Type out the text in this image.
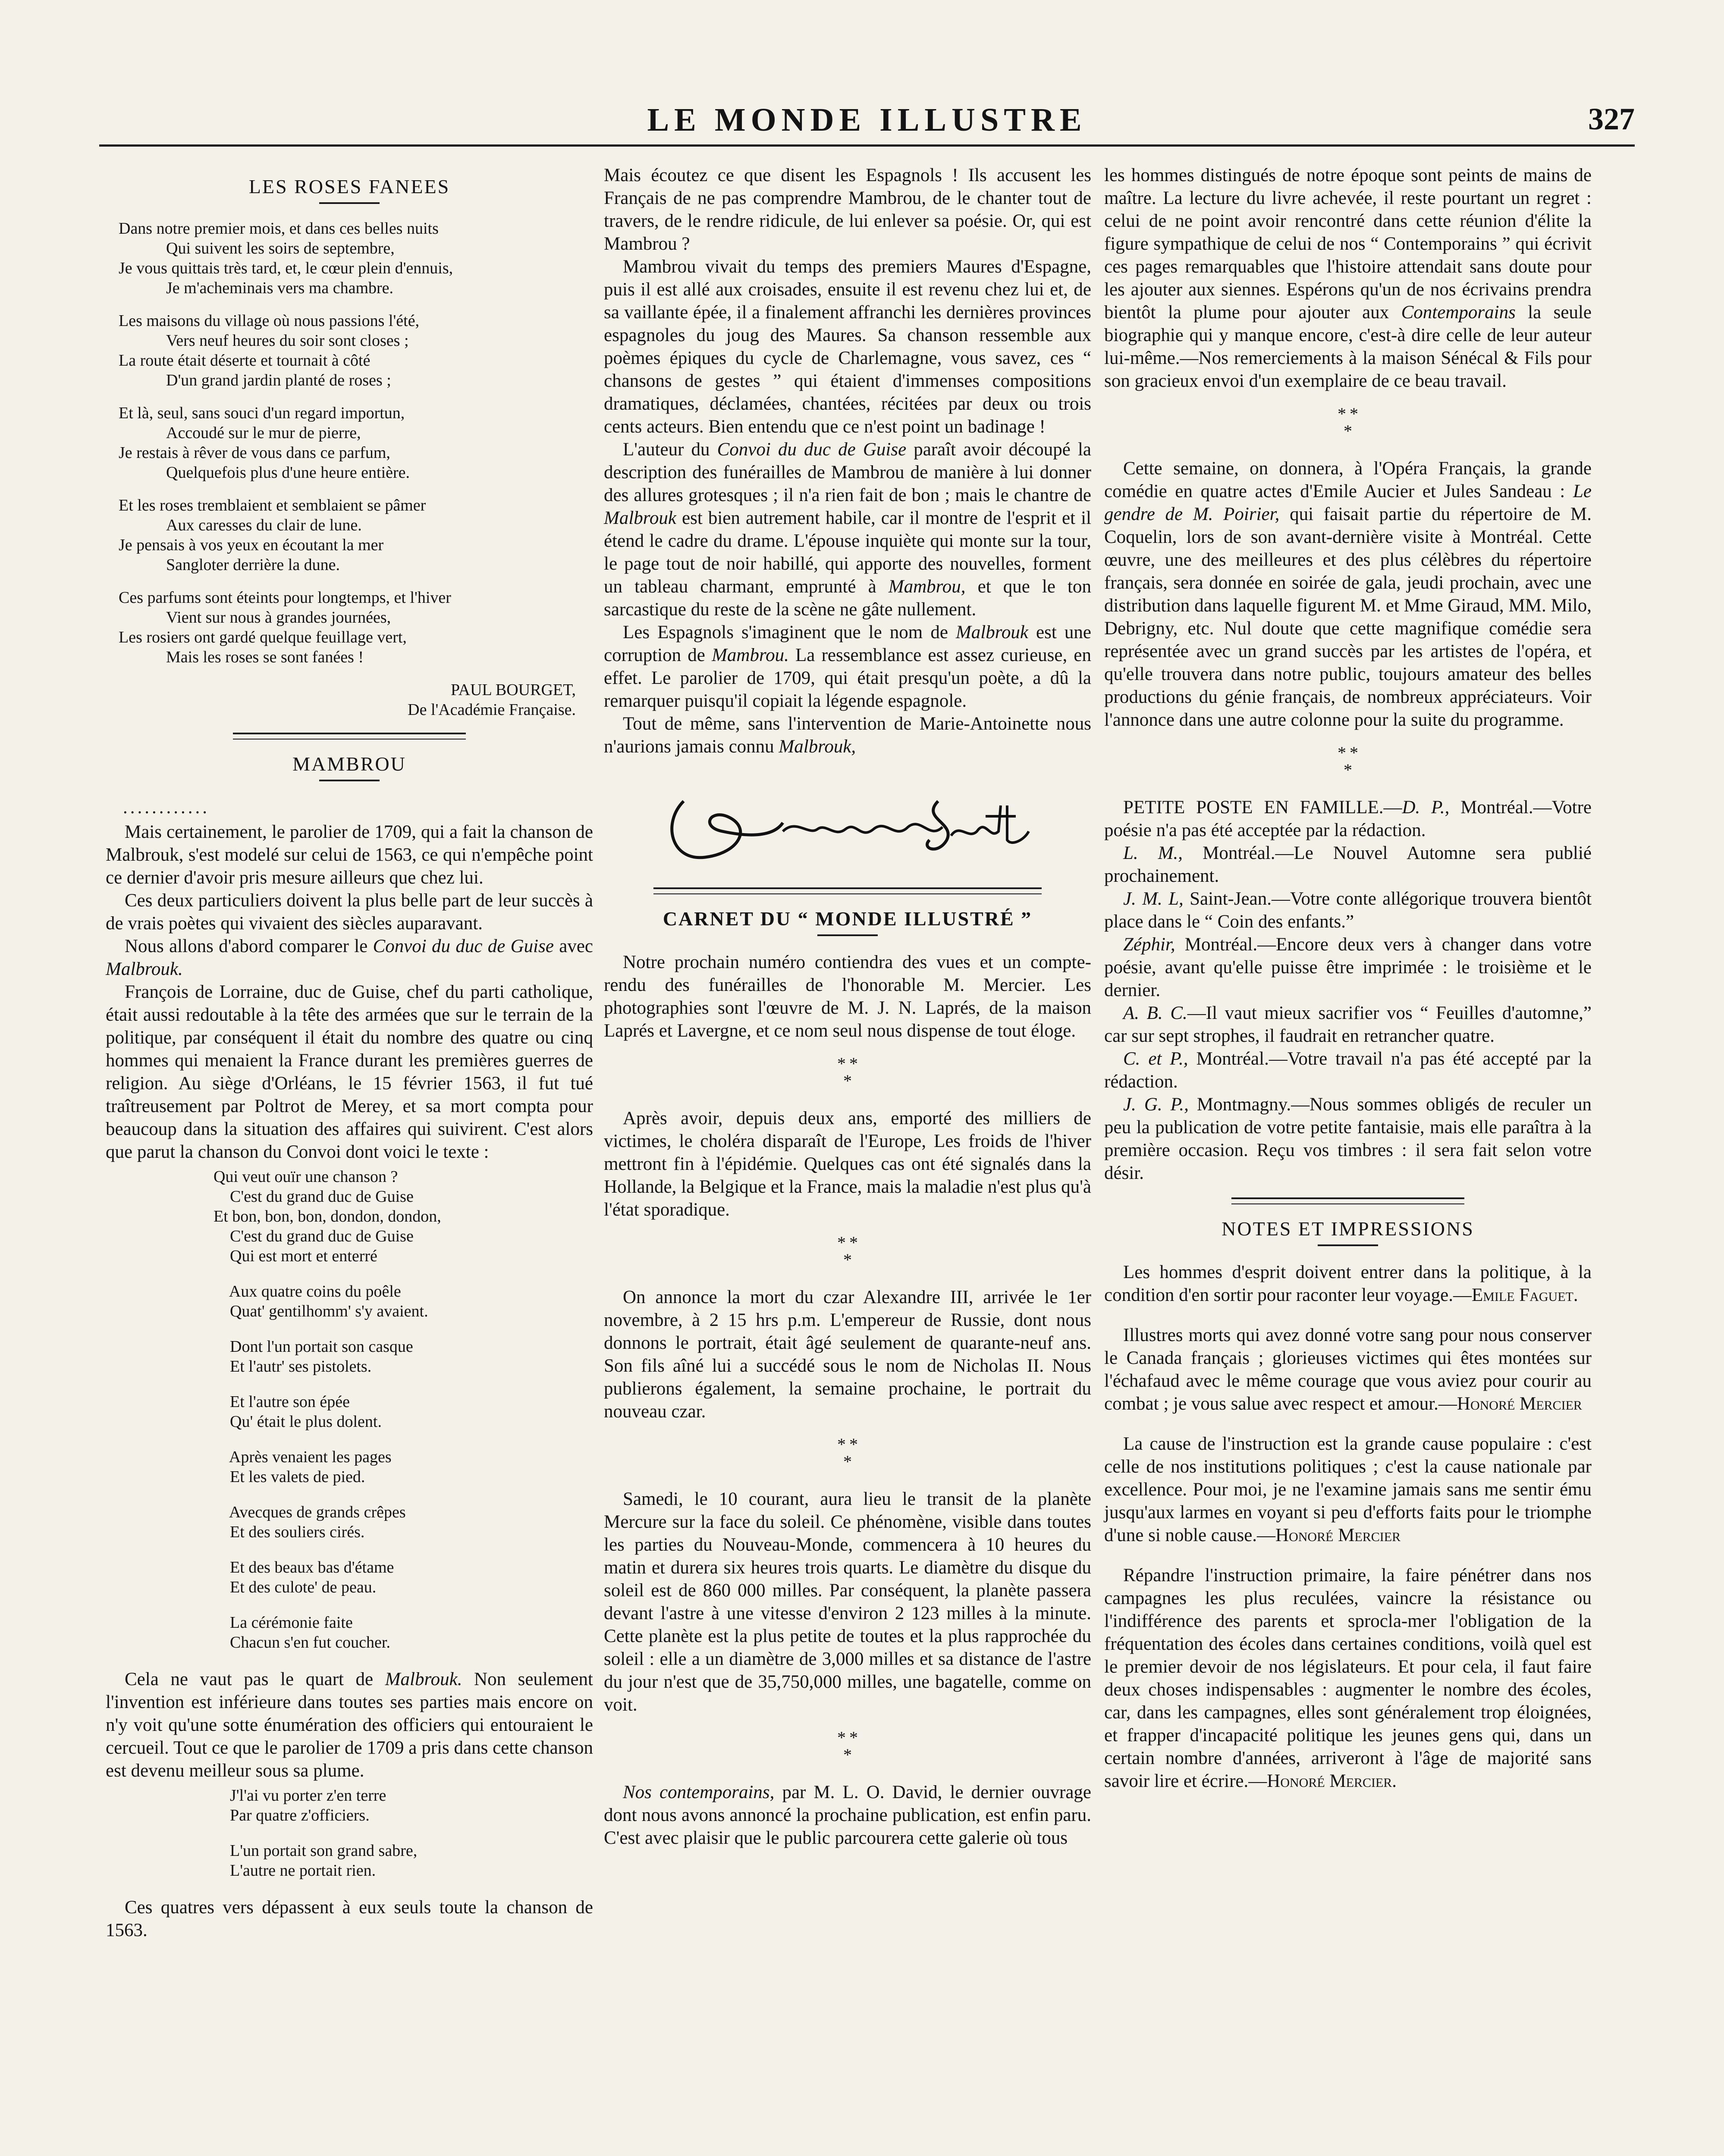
LE MONDE ILLUSTRE	327
LES ROSES FANEES
Dans notre premier mois, et dans ces belles nuits
Qui suivent les soirs de septembre,
Je vous quittais très tard, et, le cœur plein d'ennuis,
Je m'acheminais vers ma chambre.
Les maisons du village où nous passions l'été,
Vers neuf heures du soir sont closes ;
La route était déserte et tournait à côté
D'un grand jardin planté de roses ;
Et là, seul, sans souci d'un regard importun,
Accoudé sur le mur de pierre,
Je restais à rêver de vous dans ce parfum,
Quelquefois plus d'une heure entière.
Et les roses tremblaient et semblaient se pâmer
Aux caresses du clair de lune.
Je pensais à vos yeux en écoutant la mer
Sangloter derrière la dune.
Ces parfums sont éteints pour longtemps, et l'hiver
Vient sur nous à grandes journées,
Les rosiers ont gardé quelque feuillage vert,
Mais les roses se sont fanées !
PAUL BOURGET,
De l'Académie Française.
MAMBROU
............

Mais certainement, le parolier de 1709, qui a fait la chanson de Malbrouk, s'est modelé sur celui de 1563, ce qui n'empêche point ce dernier d'avoir pris mesure ailleurs que chez lui.

Ces deux particuliers doivent la plus belle part de leur succès à de vrais poètes qui vivaient des siècles auparavant.

Nous allons d'abord comparer le Convoi du duc de Guise avec Malbrouk.

François de Lorraine, duc de Guise, chef du parti catholique, était aussi redoutable à la tête des armées que sur le terrain de la politique, par conséquent il était du nombre des quatre ou cinq hommes qui menaient la France durant les premières guerres de religion. Au siège d'Orléans, le 15 février 1563, il fut tué traîtreusement par Poltrot de Merey, et sa mort compta pour beaucoup dans la situation des affaires qui suivirent. C'est alors que parut la chanson du Convoi dont voici le texte :

Qui veut ouïr une chanson ?
C'est du grand duc de Guise
Et bon, bon, bon, dondon, dondon,
C'est du grand duc de Guise
Qui est mort et enterré
Aux quatre coins du poêle
Quat' gentilhomm' s'y avaient.
Dont l'un portait son casque
Et l'autr' ses pistolets.
Et l'autre son épée
Qu' était le plus dolent.
Après venaient les pages
Et les valets de pied.
Avecques de grands crêpes
Et des souliers cirés.
Et des beaux bas d'étame
Et des culote' de peau.
La cérémonie faite
Chacun s'en fut coucher.

Cela ne vaut pas le quart de Malbrouk. Non seulement l'invention est inférieure dans toutes ses parties mais encore on n'y voit qu'une sotte énumération des officiers qui entouraient le cercueil. Tout ce que le parolier de 1709 a pris dans cette chanson est devenu meilleur sous sa plume.

J'l'ai vu porter z'en terre
Par quatre z'officiers.
L'un portait son grand sabre,
L'autre ne portait rien.

Ces quatres vers dépassent à eux seuls toute la chanson de 1563.

Mais écoutez ce que disent les Espagnols ! Ils accusent les Français de ne pas comprendre Mambrou, de le chanter tout de travers, de le rendre ridicule, de lui enlever sa poésie. Or, qui est Mambrou ?

Mambrou vivait du temps des premiers Maures d'Espagne, puis il est allé aux croisades, ensuite il est revenu chez lui et, de sa vaillante épée, il a finalement affranchi les dernières provinces espagnoles du joug des Maures. Sa chanson ressemble aux poèmes épiques du cycle de Charlemagne, vous savez, ces “ chansons de gestes ” qui étaient d'immenses compositions dramatiques, déclamées, chantées, récitées par deux ou trois cents acteurs. Bien entendu que ce n'est point un badinage !

L'auteur du Convoi du duc de Guise paraît avoir découpé la description des funérailles de Mambrou de manière à lui donner des allures grotesques ; il n'a rien fait de bon ; mais le chantre de Malbrouk est bien autrement habile, car il montre de l'esprit et il étend le cadre du drame. L'épouse inquiète qui monte sur la tour, le page tout de noir habillé, qui apporte des nouvelles, forment un tableau charmant, emprunté à Mambrou, et que le ton sarcastique du reste de la scène ne gâte nullement.

Les Espagnols s'imaginent que le nom de Malbrouk est une corruption de Mambrou. La ressemblance est assez curieuse, en effet. Le parolier de 1709, qui était presqu'un poète, a dû la remarquer puisqu'il copiait la légende espagnole.

Tout de même, sans l'intervention de Marie-Antoinette nous n'aurions jamais connu Malbrouk,

CARNET DU “ MONDE ILLUSTRÉ ”

Notre prochain numéro contiendra des vues et un compte-rendu des funérailles de l'honorable M. Mercier. Les photographies sont l'œuvre de M. J. N. Laprés, de la maison Laprés et Lavergne, et ce nom seul nous dispense de tout éloge.

* *
*

Après avoir, depuis deux ans, emporté des milliers de victimes, le choléra disparaît de l'Europe, Les froids de l'hiver mettront fin à l'épidémie. Quelques cas ont été signalés dans la Hollande, la Belgique et la France, mais la maladie n'est plus qu'à l'état sporadique.

* *
*

On annonce la mort du czar Alexandre III, arrivée le 1er novembre, à 2 15 hrs p.m. L'empereur de Russie, dont nous donnons le portrait, était âgé seulement de quarante-neuf ans. Son fils aîné lui a succédé sous le nom de Nicholas II. Nous publierons également, la semaine prochaine, le portrait du nouveau czar.

* *
*

Samedi, le 10 courant, aura lieu le transit de la planète Mercure sur la face du soleil. Ce phénomène, visible dans toutes les parties du Nouveau-Monde, commencera à 10 heures du matin et durera six heures trois quarts. Le diamètre du disque du soleil est de 860 000 milles. Par conséquent, la planète passera devant l'astre à une vitesse d'environ 2 123 milles à la minute. Cette planète est la plus petite de toutes et la plus rapprochée du soleil : elle a un diamètre de 3,000 milles et sa distance de l'astre du jour n'est que de 35,750,000 milles, une bagatelle, comme on voit.

* *
*

Nos contemporains, par M. L. O. David, le dernier ouvrage dont nous avons annoncé la prochaine publication, est enfin paru. C'est avec plaisir que le public parcourera cette galerie où tous

les hommes distingués de notre époque sont peints de mains de maître. La lecture du livre achevée, il reste pourtant un regret : celui de ne point avoir rencontré dans cette réunion d'élite la figure sympathique de celui de nos “ Contemporains ” qui écrivit ces pages remarquables que l'histoire attendait sans doute pour les ajouter aux siennes. Espérons qu'un de nos écrivains prendra bientôt la plume pour ajouter aux Contemporains la seule biographie qui y manque encore, c'est-à dire celle de leur auteur lui-même.—Nos remerciements à la maison Sénécal & Fils pour son gracieux envoi d'un exemplaire de ce beau travail.

* *
*

Cette semaine, on donnera, à l'Opéra Français, la grande comédie en quatre actes d'Emile Aucier et Jules Sandeau : Le gendre de M. Poirier, qui faisait partie du répertoire de M. Coquelin, lors de son avant-dernière visite à Montréal. Cette œuvre, une des meilleures et des plus célèbres du répertoire français, sera donnée en soirée de gala, jeudi prochain, avec une distribution dans laquelle figurent M. et Mme Giraud, MM. Milo, Debrigny, etc. Nul doute que cette magnifique comédie sera représentée avec un grand succès par les artistes de l'opéra, et qu'elle trouvera dans notre public, toujours amateur des belles productions du génie français, de nombreux appréciateurs. Voir l'annonce dans une autre colonne pour la suite du programme.

* *
*

PETITE POSTE EN FAMILLE.—D. P., Montréal.—Votre poésie n'a pas été acceptée par la rédaction.

L. M., Montréal.—Le Nouvel Automne sera publié prochainement.

J. M. L, Saint-Jean.—Votre conte allégorique trouvera bientôt place dans le “ Coin des enfants.”

Zéphir, Montréal.—Encore deux vers à changer dans votre poésie, avant qu'elle puisse être imprimée : le troisième et le dernier.

A. B. C.—Il vaut mieux sacrifier vos “ Feuilles d'automne,” car sur sept strophes, il faudrait en retrancher quatre.

C. et P., Montréal.—Votre travail n'a pas été accepté par la rédaction.

J. G. P., Montmagny.—Nous sommes obligés de reculer un peu la publication de votre petite fantaisie, mais elle paraîtra à la première occasion. Reçu vos timbres : il sera fait selon votre désir.

NOTES ET IMPRESSIONS

Les hommes d'esprit doivent entrer dans la politique, à la condition d'en sortir pour raconter leur voyage.—Emile Faguet.

Illustres morts qui avez donné votre sang pour nous conserver le Canada français ; glorieuses victimes qui êtes montées sur l'échafaud avec le même courage que vous aviez pour courir au combat ; je vous salue avec respect et amour.—Honoré Mercier

La cause de l'instruction est la grande cause populaire : c'est celle de nos institutions politiques ; c'est la cause nationale par excellence. Pour moi, je ne l'examine jamais sans me sentir ému jusqu'aux larmes en voyant si peu d'efforts faits pour le triomphe d'une si noble cause.—Honoré Mercier

Répandre l'instruction primaire, la faire pénétrer dans nos campagnes les plus reculées, vaincre la résistance ou l'indifférence des parents et sprocla-mer l'obligation de la fréquentation des écoles dans certaines conditions, voilà quel est le premier devoir de nos législateurs. Et pour cela, il faut faire deux choses indispensables : augmenter le nombre des écoles, car, dans les campagnes, elles sont généralement trop éloignées, et frapper d'incapacité politique les jeunes gens qui, dans un certain nombre d'années, arriveront à l'âge de majorité sans savoir lire et écrire.—Honoré Mercier.
